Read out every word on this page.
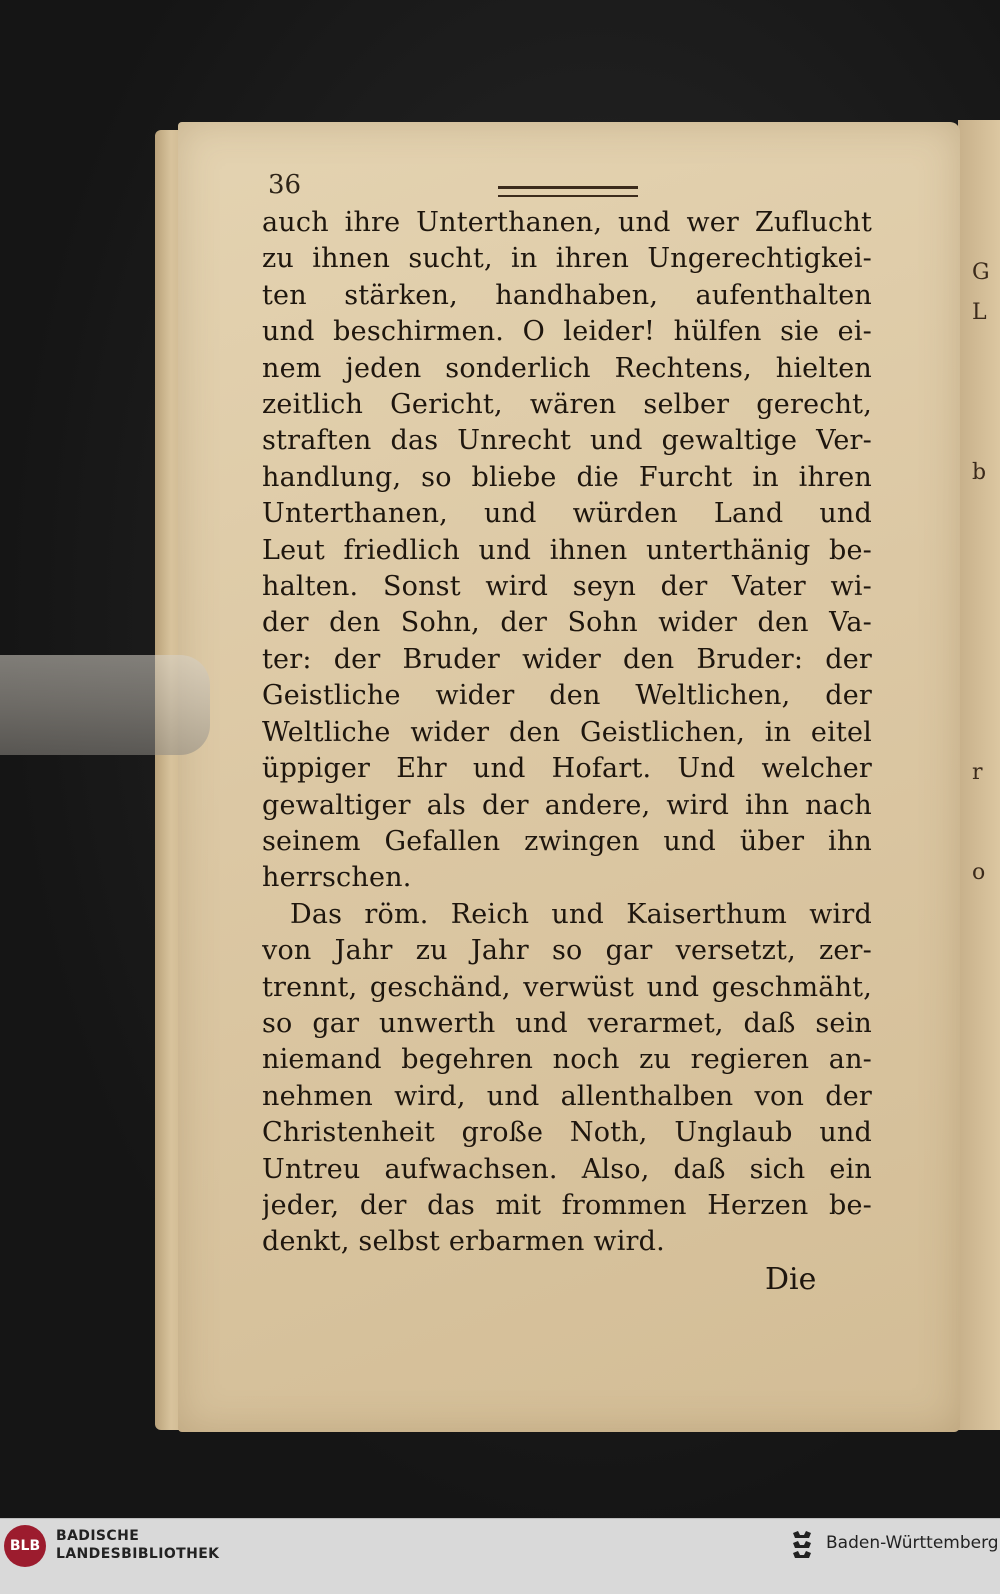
G
L
b
r
o
36
auch ihre Unterthanen, und wer Zuflucht
zu ihnen sucht, in ihren Ungerechtigkei-
ten stärken, handhaben, aufenthalten
und beschirmen. O leider! hülfen sie ei-
nem jeden sonderlich Rechtens, hielten
zeitlich Gericht, wären selber gerecht,
straften das Unrecht und gewaltige Ver-
handlung, so bliebe die Furcht in ihren
Unterthanen, und würden Land und
Leut friedlich und ihnen unterthänig be-
halten. Sonst wird seyn der Vater wi-
der den Sohn, der Sohn wider den Va-
ter: der Bruder wider den Bruder: der
Geistliche wider den Weltlichen, der
Weltliche wider den Geistlichen, in eitel
üppiger Ehr und Hofart. Und welcher
gewaltiger als der andere, wird ihn nach
seinem Gefallen zwingen und über ihn
herrschen.
Das röm. Reich und Kaiserthum wird
von Jahr zu Jahr so gar versetzt, zer-
trennt, geschänd, verwüst und geschmäht,
so gar unwerth und verarmet, daß sein
niemand begehren noch zu regieren an-
nehmen wird, und allenthalben von der
Christenheit große Noth, Unglaub und
Untreu aufwachsen. Also, daß sich ein
jeder, der das mit frommen Herzen be-
denkt, selbst erbarmen wird.
Die
BLB
BADISCHE
LANDESBIBLIOTHEK
Baden-Württemberg
